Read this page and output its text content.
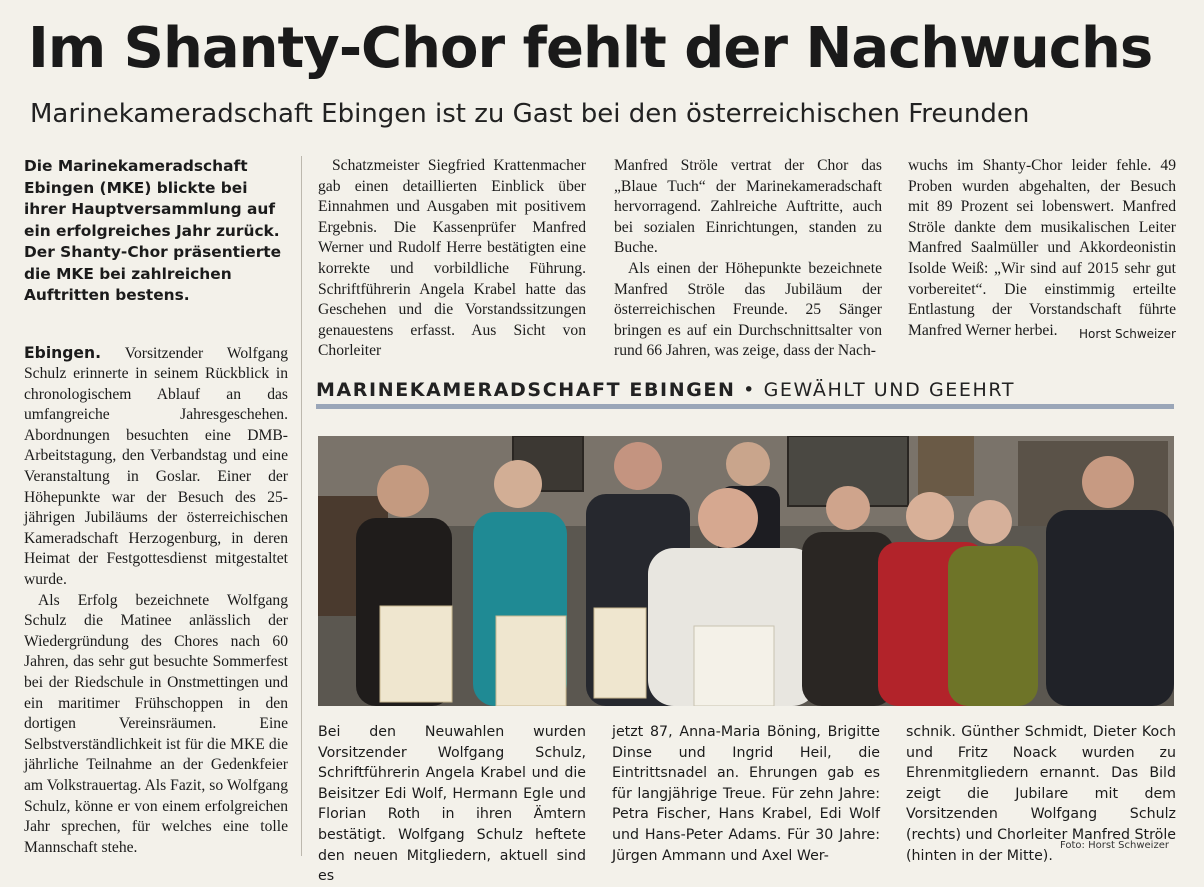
Im Shanty-Chor fehlt der Nachwuchs
Marinekameradschaft Ebingen ist zu Gast bei den österreichischen Freunden

Die Marinekameradschaft Ebingen (MKE) blickte bei ihrer Hauptversammlung auf ein erfolgreiches Jahr zurück. Der Shanty-Chor präsentierte die MKE bei zahlreichen Auftritten bestens.

Ebingen. Vorsitzender Wolfgang Schulz erinnerte in seinem Rückblick in chronologischem Ablauf an das umfangreiche Jahresgeschehen. Abordnungen besuchten eine DMB-Arbeitstagung, den Verbandstag und eine Veranstaltung in Goslar. Einer der Höhepunkte war der Besuch des 25-jährigen Jubiläums der österreichischen Kameradschaft Herzogenburg, in deren Heimat der Festgottesdienst mitgestaltet wurde.

Als Erfolg bezeichnete Wolfgang Schulz die Matinee anlässlich der Wiedergründung des Chores nach 60 Jahren, das sehr gut besuchte Sommerfest bei der Riedschule in Onstmettingen und ein maritimer Frühschoppen in den dortigen Vereinsräumen. Eine Selbstverständlichkeit ist für die MKE die jährliche Teilnahme an der Gedenkfeier am Volkstrauertag. Als Fazit, so Wolfgang Schulz, könne er von einem erfolgreichen Jahr sprechen, für welches eine tolle Mannschaft stehe.

Schatzmeister Siegfried Krattenmacher gab einen detaillierten Einblick über Einnahmen und Ausgaben mit positivem Ergebnis. Die Kassenprüfer Manfred Werner und Rudolf Herre bestätigten eine korrekte und vorbildliche Führung. Schriftführerin Angela Krabel hatte das Geschehen und die Vorstandssitzungen genauestens erfasst. Aus Sicht von Chorleiter

Manfred Ströle vertrat der Chor das „Blaue Tuch“ der Marinekameradschaft hervorragend. Zahlreiche Auftritte, auch bei sozialen Einrichtungen, standen zu Buche.

Als einen der Höhepunkte bezeichnete Manfred Ströle das Jubiläum der österreichischen Freunde. 25 Sänger bringen es auf ein Durchschnittsalter von rund 66 Jahren, was zeige, dass der Nach-

wuchs im Shanty-Chor leider fehle. 49 Proben wurden abgehalten, der Besuch mit 89 Prozent sei lobenswert. Manfred Ströle dankte dem musikalischen Leiter Manfred Saalmüller und Akkordeonistin Isolde Weiß: „Wir sind auf 2015 sehr gut vorbereitet“. Die einstimmig erteilte Entlastung der Vorstandschaft führte Manfred Werner herbei. Horst Schweizer

MARINEKAMERADSCHAFT EBINGEN • GEWÄHLT UND GEEHRT
Bei den Neuwahlen wurden Vorsitzender Wolfgang Schulz, Schriftführerin Angela Krabel und die Beisitzer Edi Wolf, Hermann Egle und Florian Roth in ihren Ämtern bestätigt. Wolfgang Schulz heftete den neuen Mitgliedern, aktuell sind es
jetzt 87, Anna-Maria Böning, Brigitte Dinse und Ingrid Heil, die Eintrittsnadel an. Ehrungen gab es für langjährige Treue. Für zehn Jahre: Petra Fischer, Hans Krabel, Edi Wolf und Hans-Peter Adams. Für 30 Jahre: Jürgen Ammann und Axel Wer-
schnik. Günther Schmidt, Dieter Koch und Fritz Noack wurden zu Ehrenmitgliedern ernannt. Das Bild zeigt die Jubilare mit dem Vorsitzenden Wolfgang Schulz (rechts) und Chorleiter Manfred Ströle (hinten in der Mitte).
Foto: Horst Schweizer
